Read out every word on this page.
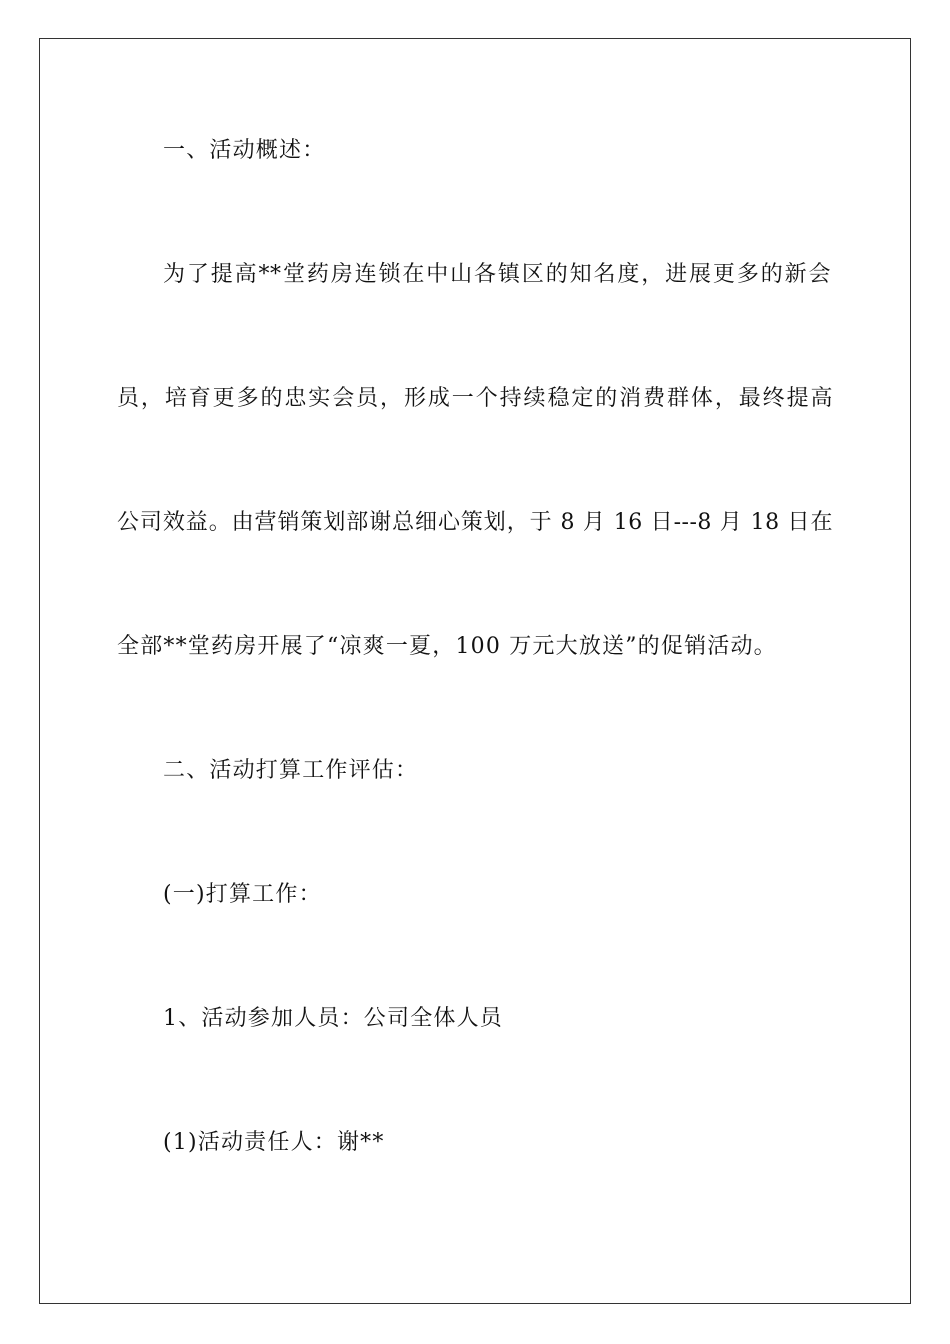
一、活动概述：
为了提高**堂药房连锁在中山各镇区的知名度，进展更多的新会
员，培育更多的忠实会员，形成一个持续稳定的消费群体，最终提高
公司效益。由营销策划部谢总细心策划，于 8 月 16 日---8 月 18 日在
全部**堂药房开展了“凉爽一夏，100 万元大放送”的促销活动。
二、活动打算工作评估：
(一)打算工作：
1、活动参加人员：公司全体人员
(1)活动责任人：谢**
